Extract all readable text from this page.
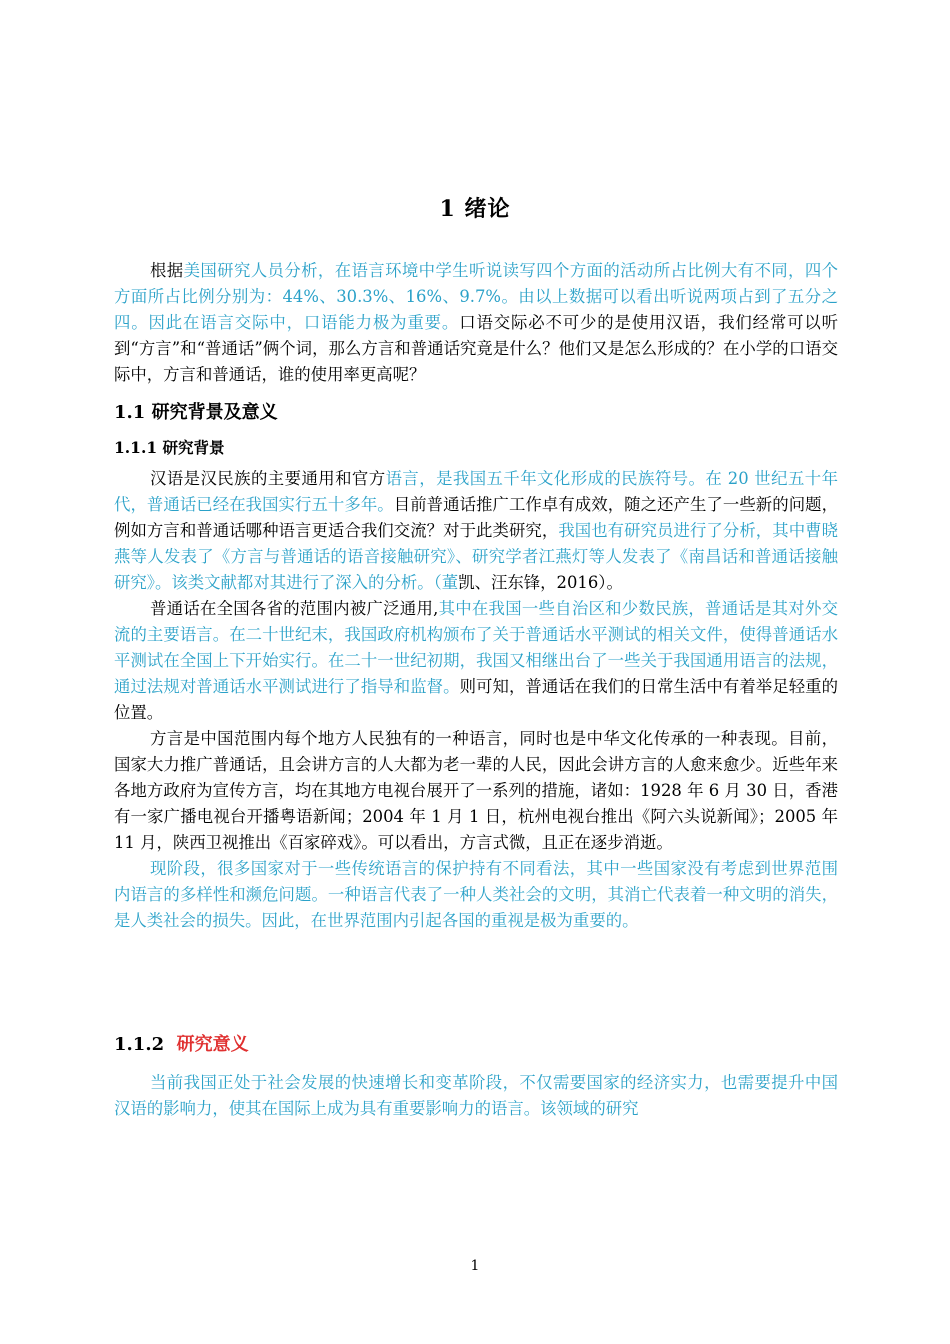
1 绪论

根据美国研究人员分析，在语言环境中学生听说读写四个方面的活动所占比例大有不同，四个方面所占比例分别为：44%、30.3%、16%、9.7%。由以上数据可以看出听说两项占到了五分之四。因此在语言交际中，口语能力极为重要。口语交际必不可少的是使用汉语，我们经常可以听到“方言”和“普通话”俩个词，那么方言和普通话究竟是什么？他们又是怎么形成的？在小学的口语交际中，方言和普通话，谁的使用率更高呢？

1.1 研究背景及意义
1.1.1 研究背景

汉语是汉民族的主要通用和官方语言，是我国五千年文化形成的民族符号。在 20 世纪五十年代，普通话已经在我国实行五十多年。目前普通话推广工作卓有成效，随之还产生了一些新的问题，例如方言和普通话哪种语言更适合我们交流？对于此类研究，我国也有研究员进行了分析，其中曹晓燕等人发表了《方言与普通话的语音接触研究》、研究学者江燕灯等人发表了《南昌话和普通话接触研究》。该类文献都对其进行了深入的分析。（董凯、汪东锋，2016）。

普通话在全国各省的范围内被广泛通用,其中在我国一些自治区和少数民族，普通话是其对外交流的主要语言。在二十世纪末，我国政府机构颁布了关于普通话水平测试的相关文件，使得普通话水平测试在全国上下开始实行。在二十一世纪初期，我国又相继出台了一些关于我国通用语言的法规，通过法规对普通话水平测试进行了指导和监督。则可知，普通话在我们的日常生活中有着举足轻重的位置。

方言是中国范围内每个地方人民独有的一种语言，同时也是中华文化传承的一种表现。目前，国家大力推广普通话，且会讲方言的人大都为老一辈的人民，因此会讲方言的人愈来愈少。近些年来各地方政府为宣传方言，均在其地方电视台展开了一系列的措施，诸如：1928 年 6 月 30 日，香港有一家广播电视台开播粤语新闻；2004 年 1 月 1 日，杭州电视台推出《阿六头说新闻》；2005 年 11 月，陕西卫视推出《百家碎戏》。可以看出，方言式微，且正在逐步消逝。

现阶段，很多国家对于一些传统语言的保护持有不同看法，其中一些国家没有考虑到世界范围内语言的多样性和濒危问题。一种语言代表了一种人类社会的文明，其消亡代表着一种文明的消失，是人类社会的损失。因此，在世界范围内引起各国的重视是极为重要的。

1.1.2 研究意义

当前我国正处于社会发展的快速增长和变革阶段，不仅需要国家的经济实力，也需要提升中国汉语的影响力，使其在国际上成为具有重要影响力的语言。该领域的研究

1
